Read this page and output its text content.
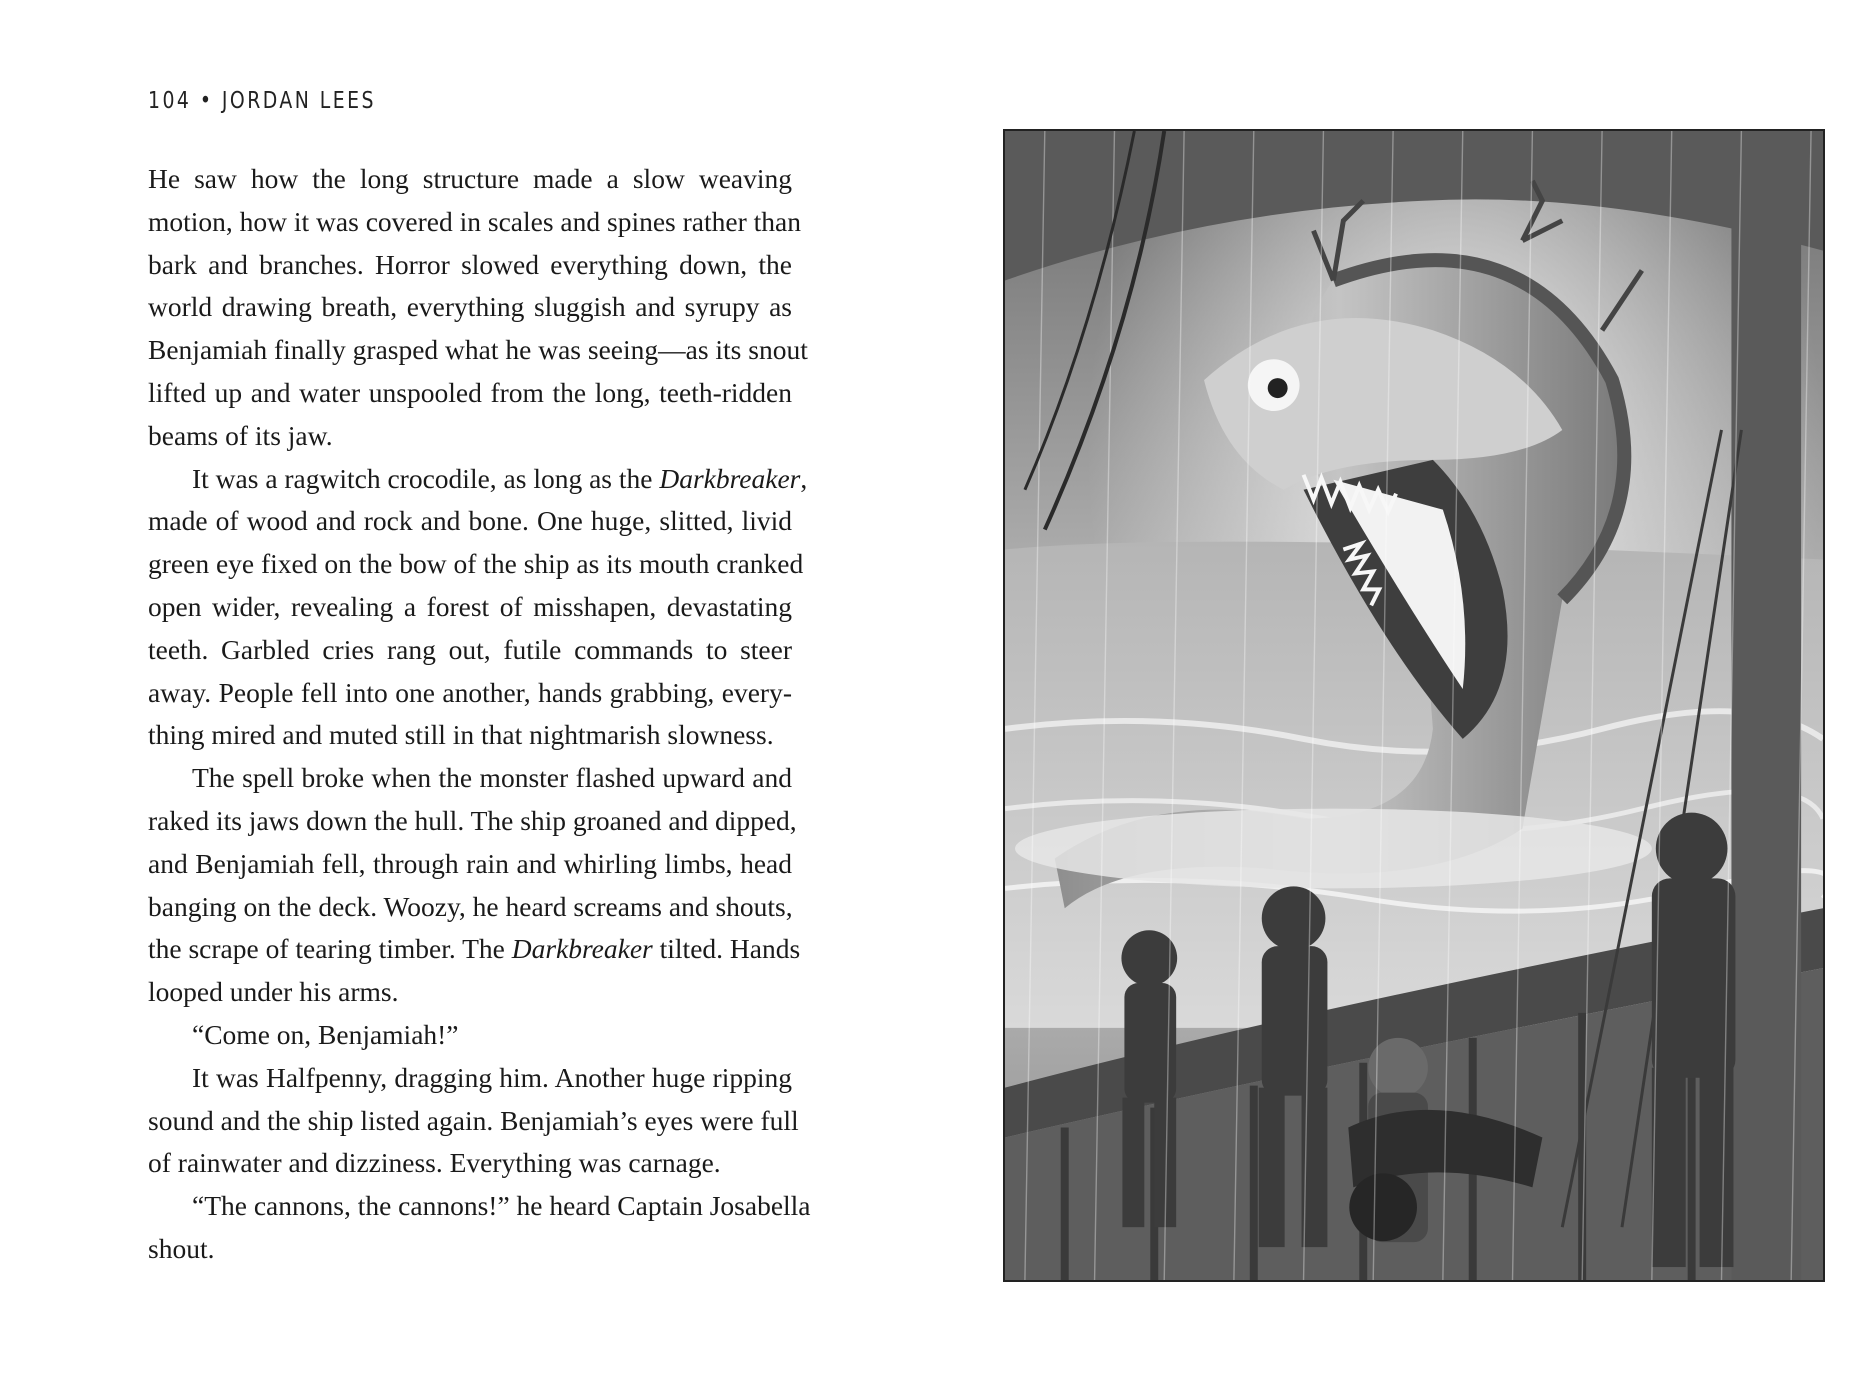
104 • JORDAN LEES
He saw how the long structure made a slow weaving
motion, how it was covered in scales and spines rather than
bark and branches. Horror slowed everything down, the
world drawing breath, everything sluggish and syrupy as
Benjamiah finally grasped what he was seeing—as its snout
lifted up and water unspooled from the long, teeth-ridden
beams of its jaw.
It was a ragwitch crocodile, as long as the Darkbreaker,
made of wood and rock and bone. One huge, slitted, livid
green eye fixed on the bow of the ship as its mouth cranked
open wider, revealing a forest of misshapen, devastating
teeth. Garbled cries rang out, futile commands to steer
away. People fell into one another, hands grabbing, every-
thing mired and muted still in that nightmarish slowness.
The spell broke when the monster flashed upward and
raked its jaws down the hull. The ship groaned and dipped,
and Benjamiah fell, through rain and whirling limbs, head
banging on the deck. Woozy, he heard screams and shouts,
the scrape of tearing timber. The Darkbreaker tilted. Hands
looped under his arms.
“Come on, Benjamiah!”
It was Halfpenny, dragging him. Another huge ripping
sound and the ship listed again. Benjamiah’s eyes were full
of rainwater and dizziness. Everything was carnage.
“The cannons, the cannons!” he heard Captain Josabella
shout.
